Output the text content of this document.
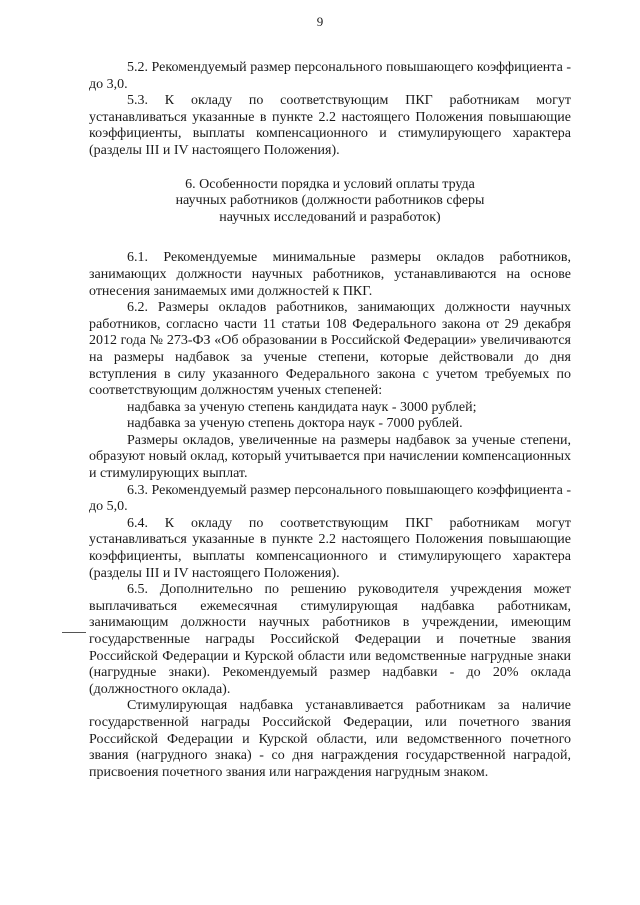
9

5.2. Рекомендуемый размер персонального повышающего коэффициента - до 3,0.

5.3. К окладу по соответствующим ПКГ работникам могут устанавливаться указанные в пункте 2.2 настоящего Положения повышающие коэффициенты, выплаты компенсационного и стимулирующего характера (разделы III и IV настоящего Положения).

6. Особенности порядка и условий оплаты труда
научных работников (должности работников сферы
научных исследований и разработок)

6.1. Рекомендуемые минимальные размеры окладов работников, занимающих должности научных работников, устанавливаются на основе отнесения занимаемых ими должностей к ПКГ.

6.2. Размеры окладов работников, занимающих должности научных работников, согласно части 11 статьи 108 Федерального закона от 29 декабря 2012 года № 273-ФЗ «Об образовании в Российской Федерации» увеличиваются на размеры надбавок за ученые степени, которые действовали до дня вступления в силу указанного Федерального закона с учетом требуемых по соответствующим должностям ученых степеней:

надбавка за ученую степень кандидата наук - 3000 рублей;

надбавка за ученую степень доктора наук - 7000 рублей.

Размеры окладов, увеличенные на размеры надбавок за ученые степени, образуют новый оклад, который учитывается при начислении компенсационных и стимулирующих выплат.

6.3. Рекомендуемый размер персонального повышающего коэффициента - до 5,0.

6.4. К окладу по соответствующим ПКГ работникам могут устанавливаться указанные в пункте 2.2 настоящего Положения повышающие коэффициенты, выплаты компенсационного и стимулирующего характера (разделы III и IV настоящего Положения).

6.5. Дополнительно по решению руководителя учреждения может выплачиваться ежемесячная стимулирующая надбавка работникам, занимающим должности научных работников в учреждении, имеющим государственные награды Российской Федерации и почетные звания Российской Федерации и Курской области или ведомственные нагрудные знаки (нагрудные знаки). Рекомендуемый размер надбавки - до 20% оклада (должностного оклада).

Стимулирующая надбавка устанавливается работникам за наличие государственной награды Российской Федерации, или почетного звания Российской Федерации и Курской области, или ведомственного почетного звания (нагрудного знака) - со дня награждения государственной наградой, присвоения почетного звания или награждения нагрудным знаком.
